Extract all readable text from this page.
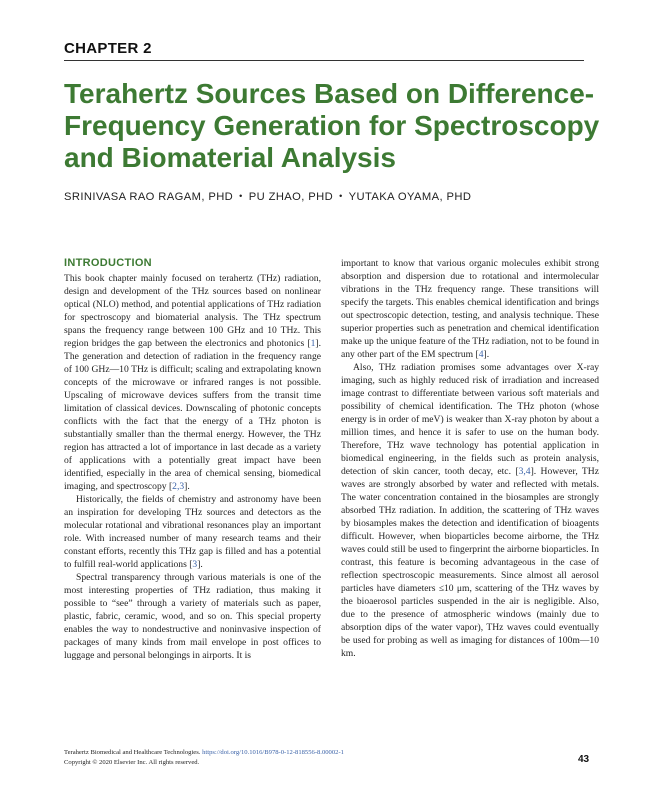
CHAPTER 2
Terahertz Sources Based on Difference-Frequency Generation for Spectroscopy and Biomaterial Analysis
SRINIVASA RAO RAGAM, PHD • PU ZHAO, PHD • YUTAKA OYAMA, PHD
INTRODUCTION

This book chapter mainly focused on terahertz (THz) radiation, design and development of the THz sources based on nonlinear optical (NLO) method, and potential applications of THz radiation for spectroscopy and biomaterial analysis. The THz spectrum spans the frequency range between 100 GHz and 10 THz. This region bridges the gap between the electronics and photonics [1]. The generation and detection of radiation in the frequency range of 100 GHz—10 THz is difficult; scaling and extrapolating known concepts of the microwave or infrared ranges is not possible. Upscaling of microwave devices suffers from the transit time limitation of classical devices. Downscaling of photonic concepts conflicts with the fact that the energy of a THz photon is substantially smaller than the thermal energy. However, the THz region has attracted a lot of importance in last decade as a variety of applications with a potentially great impact have been identified, especially in the area of chemical sensing, biomedical imaging, and spectroscopy [2,3].

Historically, the fields of chemistry and astronomy have been an inspiration for developing THz sources and detectors as the molecular rotational and vibrational resonances play an important role. With increased number of many research teams and their constant efforts, recently this THz gap is filled and has a potential to fulfill real-world applications [3].

Spectral transparency through various materials is one of the most interesting properties of THz radiation, thus making it possible to “see” through a variety of materials such as paper, plastic, fabric, ceramic, wood, and so on. This special property enables the way to nondestructive and noninvasive inspection of packages of many kinds from mail envelope in post offices to luggage and personal belongings in airports. It is

important to know that various organic molecules exhibit strong absorption and dispersion due to rotational and intermolecular vibrations in the THz frequency range. These transitions will specify the targets. This enables chemical identification and brings out spectroscopic detection, testing, and analysis technique. These superior properties such as penetration and chemical identification make up the unique feature of the THz radiation, not to be found in any other part of the EM spectrum [4].

Also, THz radiation promises some advantages over X-ray imaging, such as highly reduced risk of irradiation and increased image contrast to differentiate between various soft materials and possibility of chemical identification. The THz photon (whose energy is in order of meV) is weaker than X-ray photon by about a million times, and hence it is safer to use on the human body. Therefore, THz wave technology has potential application in biomedical engineering, in the fields such as protein analysis, detection of skin cancer, tooth decay, etc. [3,4]. However, THz waves are strongly absorbed by water and reflected with metals. The water concentration contained in the biosamples are strongly absorbed THz radiation. In addition, the scattering of THz waves by biosamples makes the detection and identification of bioagents difficult. However, when bioparticles become airborne, the THz waves could still be used to fingerprint the airborne bioparticles. In contrast, this feature is becoming advantageous in the case of reflection spectroscopic measurements. Since almost all aerosol particles have diameters ≤10 μm, scattering of the THz waves by the bioaerosol particles suspended in the air is negligible. Also, due to the presence of atmospheric windows (mainly due to absorption dips of the water vapor), THz waves could eventually be used for probing as well as imaging for distances of 100m—10 km.

Terahertz Biomedical and Healthcare Technologies. https://doi.org/10.1016/B978-0-12-818556-8.00002-1
Copyright © 2020 Elsevier Inc. All rights reserved.	43
